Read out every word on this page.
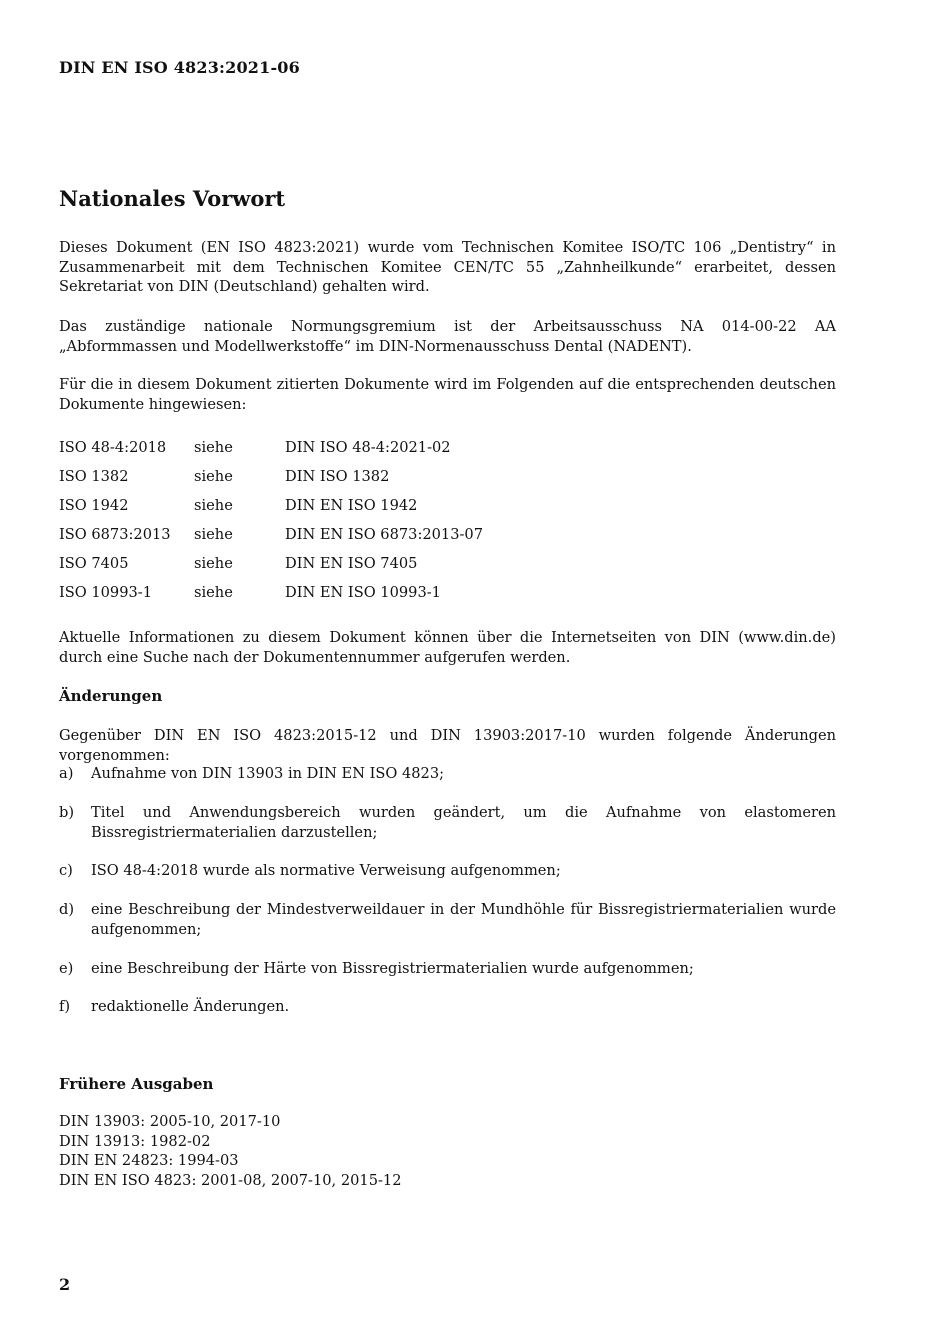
DIN EN ISO 4823:2021-06
Nationales Vorwort
Dieses Dokument (EN ISO 4823:2021) wurde vom Technischen Komitee ISO/TC 106 „Dentistry“ in Zusammenarbeit mit dem Technischen Komitee CEN/TC 55 „Zahnheilkunde“ erarbeitet, dessen Sekretariat von DIN (Deutschland) gehalten wird.
Das zuständige nationale Normungsgremium ist der Arbeitsausschuss NA 014-00-22 AA „Abformmassen und Modellwerkstoffe“ im DIN-Normenausschuss Dental (NADENT).
Für die in diesem Dokument zitierten Dokumente wird im Folgenden auf die entsprechenden deutschen Dokumente hingewiesen:
ISO 48-4:2018 siehe	DIN ISO 48-4:2021-02
ISO 1382	siehe	DIN ISO 1382
ISO 1942	siehe	DIN EN ISO 1942
ISO 6873:2013 siehe	DIN EN ISO 6873:2013-07
ISO 7405	siehe	DIN EN ISO 7405
ISO 10993-1	siehe	DIN EN ISO 10993-1
Aktuelle Informationen zu diesem Dokument können über die Internetseiten von DIN (www.din.de) durch eine Suche nach der Dokumentennummer aufgerufen werden.
Änderungen
Gegenüber DIN EN ISO 4823:2015-12 und DIN 13903:2017-10 wurden folgende Änderungen vorgenommen:
a) Aufnahme von DIN 13903 in DIN EN ISO 4823;
b) Titel und Anwendungsbereich wurden geändert, um die Aufnahme von elastomeren Bissregistriermaterialien darzustellen;
c) ISO 48-4:2018 wurde als normative Verweisung aufgenommen;
d) eine Beschreibung der Mindestverweildauer in der Mundhöhle für Bissregistriermaterialien wurde aufgenommen;
e) eine Beschreibung der Härte von Bissregistriermaterialien wurde aufgenommen;
f) redaktionelle Änderungen.
Frühere Ausgaben
DIN 13903: 2005-10, 2017-10
DIN 13913: 1982-02
DIN EN 24823: 1994-03
DIN EN ISO 4823: 2001-08, 2007-10, 2015-12
2
